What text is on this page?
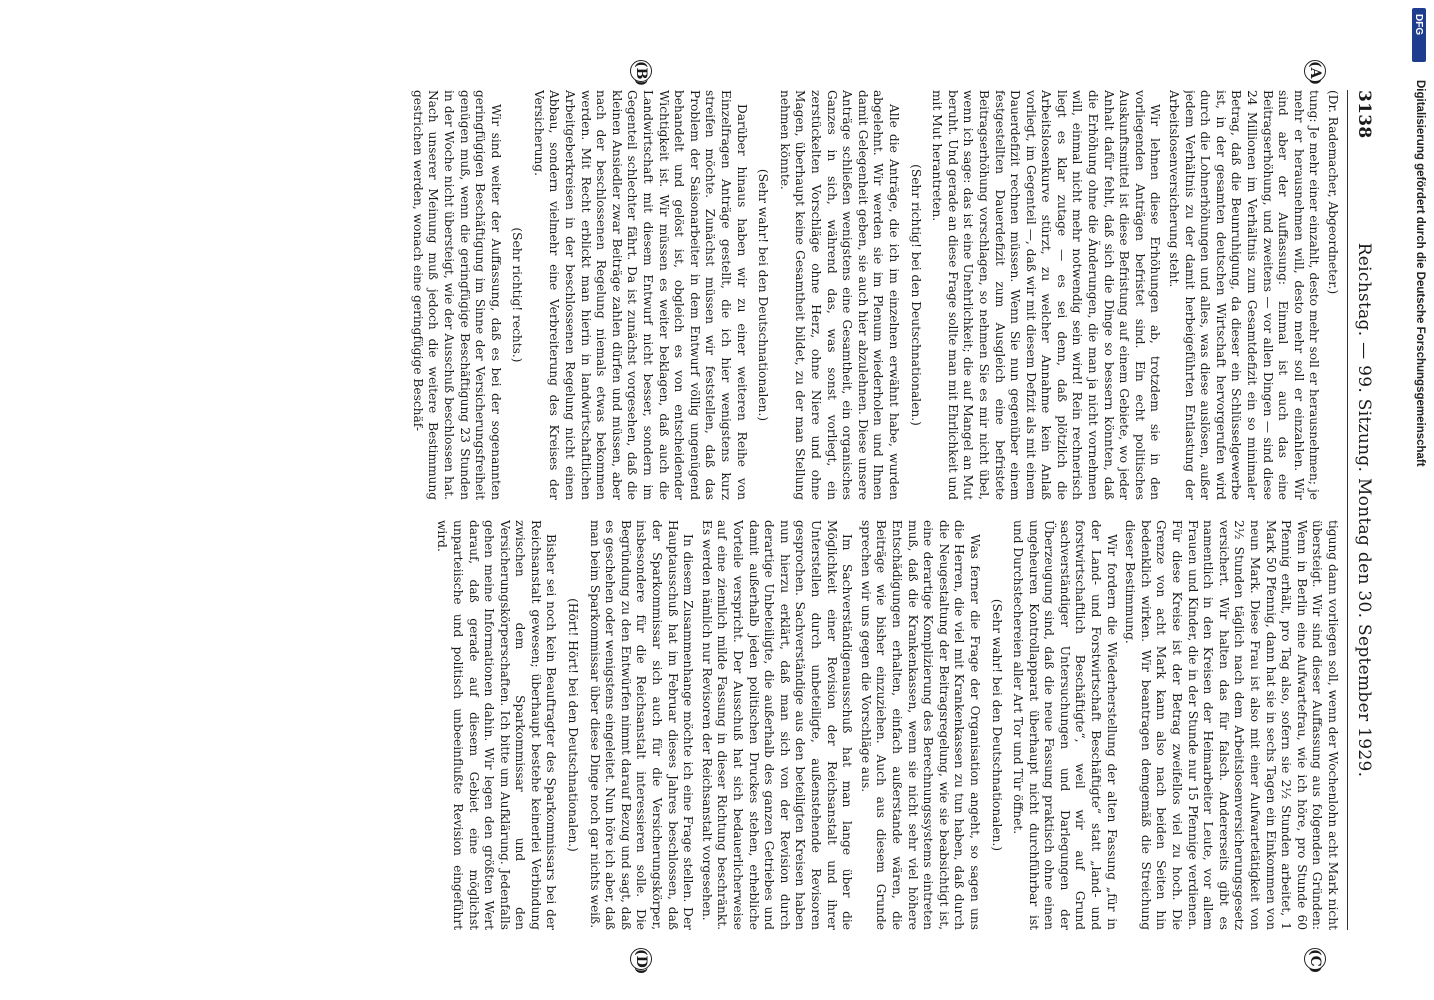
DFG
Digitalisierung gefördert durch die Deutsche Forschungsgemeinschaft
3138
Reichstag. — 99. Sitzung. Montag den 30. September 1929.
(A)
(B)
(C)
(D)

(Dr. Rademacher, Abgeordneter.)

tung: Je mehr einer einzahlt, desto mehr soll er herausnehmen; je mehr er herausnehmen will, desto mehr soll er einzahlen. Wir sind aber der Auffassung: Einmal ist auch das eine Beitragserhöhung, und zweitens — vor allen Dingen — sind diese 24 Millionen im Verhältnis zum Gesamtdefizit ein so minimaler Betrag, daß die Beunruhigung, da dieser ein Schlüsselgewerbe ist, in der gesamten deutschen Wirtschaft hervorgerufen wird durch die Lohnerhöhungen und alles, was diese auslösen, außer jedem Verhältnis zu der damit herbeigeführten Entlastung der Arbeitslosenversicherung steht.

Wir lehnen diese Erhöhungen ab, trotzdem sie in den vorliegenden Anträgen befristet sind. Ein echt politisches Auskunftsmittel ist diese Befristung auf einem Gebiete, wo jeder Anhalt dafür fehlt, daß sich die Dinge so bessern könnten, daß die Erhöhung ohne die Änderungen, die man ja nicht vornehmen will, einmal nicht mehr notwendig sein wird! Rein rechnerisch liegt es klar zutage — es sei denn, daß plötzlich die Arbeitslosenkurve stürzt, zu welcher Annahme kein Anlaß vorliegt, im Gegenteil —, daß wir mit diesem Defizit als mit einem Dauerdefizit rechnen müssen. Wenn Sie nun gegenüber einem festgestellten Dauerdefizit zum Ausgleich eine befristete Beitragserhöhung vorschlagen, so nehmen Sie es mir nicht übel, wenn ich sage: das ist eine Unehrlichkeit; die auf Mangel an Mut beruht. Und gerade an diese Frage sollte man mit Ehrlichkeit und mit Mut herantreten.

(Sehr richtig! bei den Deutschnationalen.)

Alle die Anträge, die ich im einzelnen erwähnt habe, wurden abgelehnt. Wir werden sie im Plenum wiederholen und Ihnen damit Gelegenheit geben, sie auch hier abzulehnen. Diese unsere Anträge schließen wenigstens eine Gesamtheit, ein organisches Ganzes in sich, während das, was sonst vorliegt, ein zerstückelten Vorschläge ohne Herz, ohne Niere und ohne Magen, überhaupt keine Gesamtheit bildet, zu der man Stellung nehmen könnte.

(Sehr wahr! bei den Deutschnationalen.)

Darüber hinaus haben wir zu einer weiteren Reihe von Einzelfragen Anträge gestellt, die ich hier wenigstens kurz streifen möchte. Zunächst müssen wir feststellen, daß das Problem der Saisonarbeiter in dem Entwurf völlig ungenügend behandelt und gelöst ist, obgleich es von entscheidender Wichtigkeit ist. Wir müssen es weiter beklagen, daß auch die Landwirtschaft mit diesem Entwurf nicht besser, sondern im Gegenteil schlechter fährt. Da ist zunächst vorgesehen, daß die kleinen Ansiedler zwar Beiträge zahlen dürfen und müssen, aber nach der beschlossenen Regelung niemals etwas bekommen werden. Mit Recht erblickt man hierin in landwirtschaftlichen Arbeitgeberkreisen in der beschlossenen Regelung nicht einen Abbau, sondern vielmehr eine Verbreiterung des Kreises der Versicherung.

(Sehr richtig! rechts.)

Wir sind weiter der Auffassung, daß es bei der sogenannten geringfügigen Beschäftigung im Sinne der Versicherungsfreiheit genügen muß, wenn die geringfügige Beschäftigung 23 Stunden in der Woche nicht übersteigt, wie der Ausschuß beschlossen hat. Nach unserer Meinung muß jedoch die weitere Bestimmung gestrichen werden, wonach eine geringfügige Beschäf-

tigung dann vorliegen soll, wenn der Wochenlohn acht Mark nicht übersteigt. Wir sind dieser Auffassung aus folgenden Gründen: Wenn in Berlin eine Aufwartefrau, wie ich höre, pro Stunde 60 Pfennig erhält, pro Tag also, sofern sie 2½ Stunden arbeitet, 1 Mark 50 Pfennig, dann hat sie in sechs Tagen ein Einkommen von neun Mark. Diese Frau ist also mit einer Aufwartetätigkeit von 2½ Stunden täglich nach dem Arbeitslosenversicherungsgesetz versichert. Wir halten das für falsch. Andererseits gibt es namentlich in den Kreisen der Heimarbeiter Leute, vor allem Frauen und Kinder, die in der Stunde nur 15 Pfennige verdienen. Für diese Kreise ist der Betrag zweifellos viel zu hoch. Die Grenze von acht Mark kann also nach beiden Seiten hin bedenklich wirken. Wir beantragen demgemäß die Streichung dieser Bestimmung.

Wir fordern die Wiederherstellung der alten Fassung „für in der Land- und Forstwirtschaft Beschäftigte“ statt „land- und forstwirtschaftlich Beschäftigte“, weil wir auf Grund sachverständiger Untersuchungen und Darlegungen der Überzeugung sind, daß die neue Fassung praktisch ohne einen ungeheuren Kontrollapparat überhaupt nicht durchführbar ist und Durchstechereien aller Art Tor und Tür öffnet.

(Sehr wahr! bei den Deutschnationalen.)

Was ferner die Frage der Organisation angeht, so sagen uns die Herren, die viel mit Krankenkassen zu tun haben, daß durch die Neugestaltung der Beitragsregelung, wie sie beabsichtigt ist, eine derartige Komplizierung des Berechnungssystems eintreten muß, daß die Krankenkassen, wenn sie nicht sehr viel höhere Entschädigungen erhalten, einfach außerstande wären, die Beiträge wie bisher einzuziehen. Auch aus diesem Grunde sprechen wir uns gegen die Vorschläge aus.

Im Sachverständigenausschuß hat man lange über die Möglichkeit einer Revision der Reichsanstalt und ihrer Unterstellen durch unbeteiligte, außenstehende Revisoren gesprochen. Sachverständige aus den beteiligten Kreisen haben nun hierzu erklärt, daß man sich von der Revision durch derartige Unbeteiligte, die außerhalb des ganzen Getriebes und damit außerhalb jeden politischen Druckes stehen, erhebliche Vorteile verspricht. Der Ausschuß hat sich bedauerlicherweise auf eine ziemlich milde Fassung in dieser Richtung beschränkt. Es werden nämlich nur Revisoren der Reichsanstalt vorgesehen.

In diesem Zusammenhange möchte ich eine Frage stellen. Der Hauptausschuß hat im Februar dieses Jahres beschlossen, daß der Sparkommissar sich auch für die Versicherungskörper, insbesondere für die Reichsanstalt interessieren solle. Die Begründung zu den Entwürfen nimmt darauf Bezug und sagt, daß es geschehen oder wenigstens eingeleitet. Nun höre ich aber, daß man beim Sparkommissar über diese Dinge noch gar nichts weiß.

(Hört! Hört! bei den Deutschnationalen.)

Bisher sei noch kein Beauftragter des Sparkommissars bei der Reichsanstalt gewesen; überhaupt bestehe keinerlei Verbindung zwischen dem Sparkommissar und den Versicherungskörperschaften. Ich bitte um Aufklärung. Jedenfalls gehen meine Informationen dahin. Wir legen den größten Wert darauf, daß gerade auf diesem Gebiet eine möglichst unparteiische und politisch unbeeinflußte Revision eingeführt wird.
